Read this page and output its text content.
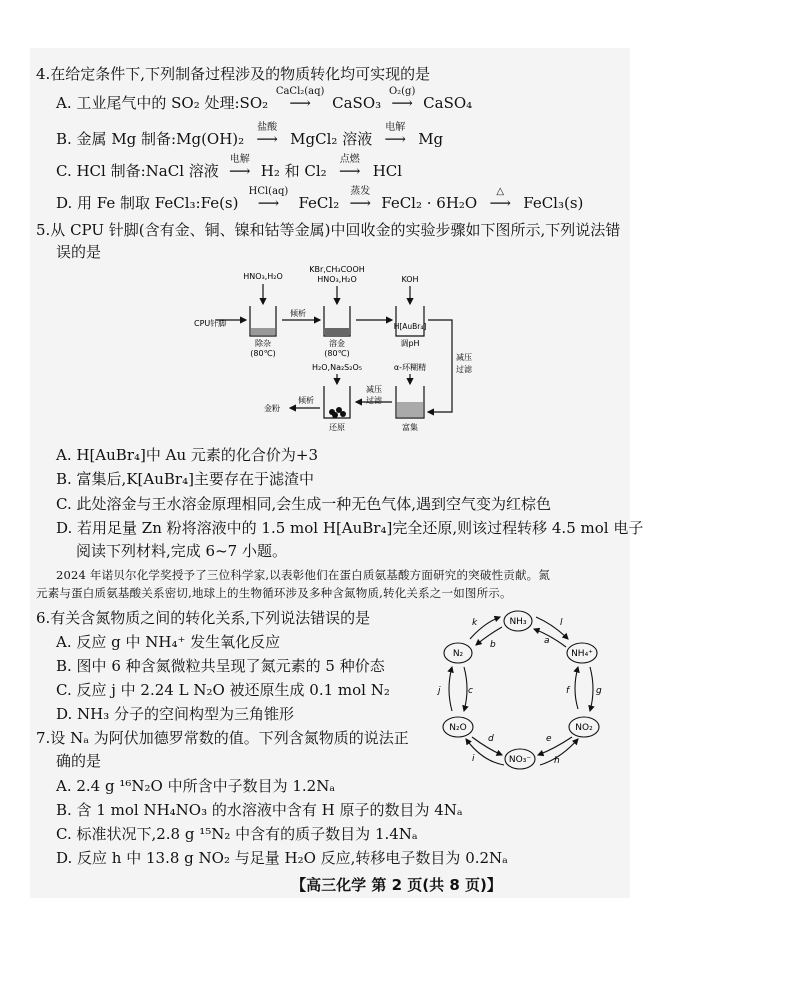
4.在给定条件下,下列制备过程涉及的物质转化均可实现的是
A. 工业尾气中的 SO₂ 处理:SO₂
CaCl₂(aq)
⟶ CaSO₃
O₂(g)
⟶ CaSO₄
B. 金属 Mg 制备:Mg(OH)₂
盐酸
⟶ MgCl₂ 溶液
电解
⟶ Mg
C. HCl 制备:NaCl 溶液
电解
⟶ H₂ 和 Cl₂
点燃
⟶ HCl
D. 用 Fe 制取 FeCl₃:Fe(s)
HCl(aq)
⟶ FeCl₂
蒸发
⟶ FeCl₂ · 6H₂O
△
⟶ FeCl₃(s)
5.从 CPU 针脚(含有金、铜、镍和钴等金属)中回收金的实验步骤如下图所示,下列说法错
误的是
HNO₃,H₂O
KBr,CH₃COOH
HNO₃,H₂O	KOH
CPU针脚
倾析
除杂
(80℃)
溶金
(80℃)
H[AuBr₄]
调pH
减压
过滤
H₂O,Na₂S₂O₅	α-环糊精
减压
过滤
倾析
金粉
还原	富集
A. H[AuBr₄]中 Au 元素的化合价为+3
B. 富集后,K[AuBr₄]主要存在于滤渣中
C. 此处溶金与王水溶金原理相同,会生成一种无色气体,遇到空气变为红棕色
D. 若用足量 Zn 粉将溶液中的 1.5 mol H[AuBr₄]完全还原,则该过程转移 4.5 mol 电子
阅读下列材料,完成 6~7 小题。
2024 年诺贝尔化学奖授予了三位科学家,以表彰他们在蛋白质氨基酸方面研究的突破性贡献。氮
元素与蛋白质氨基酸关系密切,地球上的生物循环涉及多种含氮物质,转化关系之一如图所示。
6.有关含氮物质之间的转化关系,下列说法错误的是
A. 反应 g 中 NH₄⁺ 发生氧化反应
B. 图中 6 种含氮微粒共呈现了氮元素的 5 种价态
C. 反应 j 中 2.24 L N₂O 被还原生成 0.1 mol N₂
D. NH₃ 分子的空间构型为三角锥形
7.设 Nₐ 为阿伏加德罗常数的值。下列含氮物质的说法正
确的是
A. 2.4 g ¹⁶N₂O 中所含中子数目为 1.2Nₐ
B. 含 1 mol NH₄NO₃ 的水溶液中含有 H 原子的数目为 4Nₐ
C. 标准状况下,2.8 g ¹⁵N₂ 中含有的质子数目为 1.4Nₐ
D. 反应 h 中 13.8 g NO₂ 与足量 H₂O 反应,转移电子数目为 0.2Nₐ
NH₃
NH₄⁺
NO₂
NO₃⁻
N₂O
N₂
k
b
l
a
f	g
j	c
d
i
e
h
【高三化学 第 2 页(共 8 页)】
